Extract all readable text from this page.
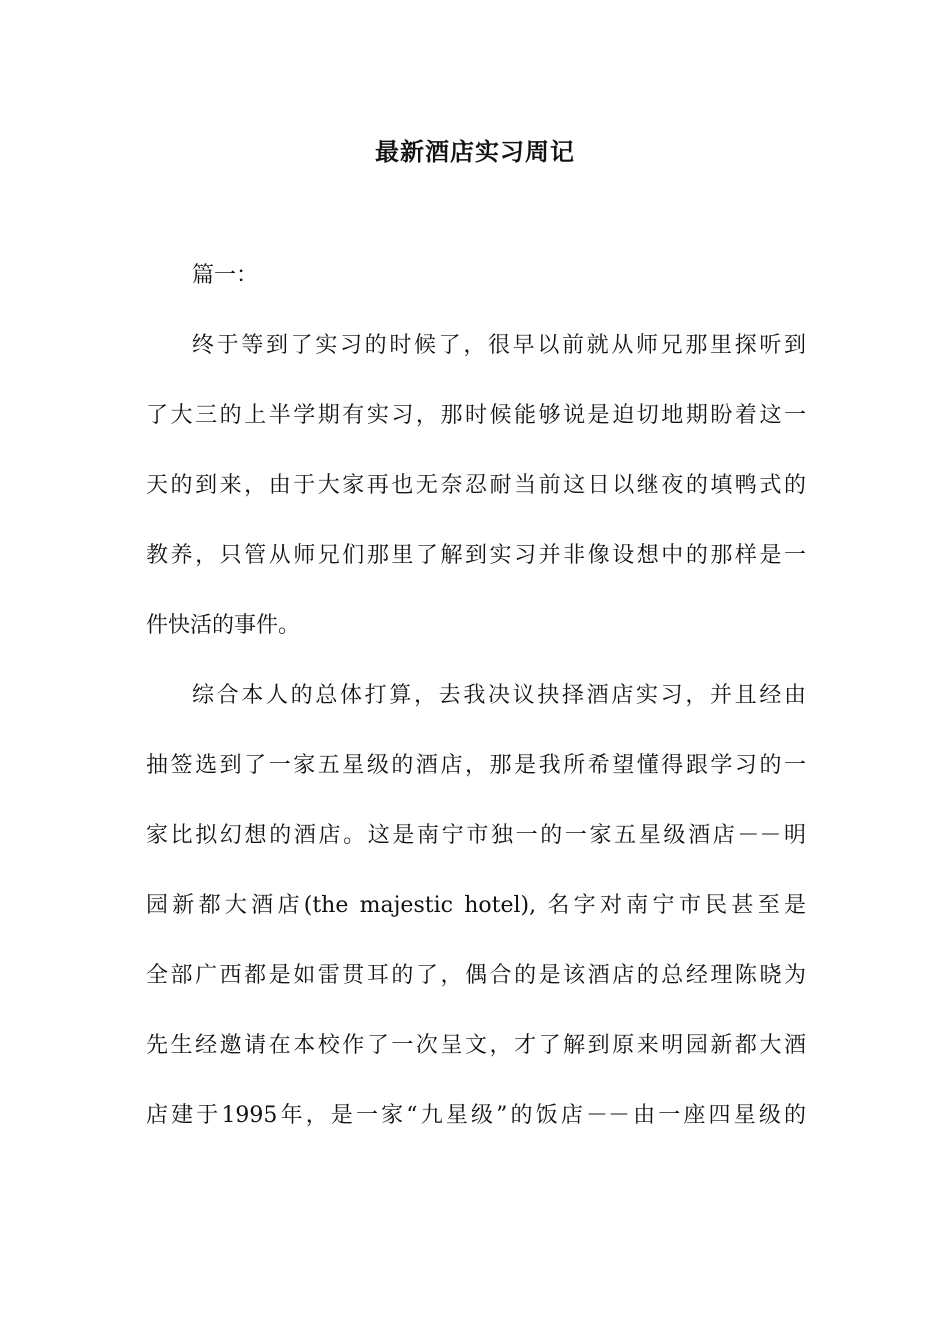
最新酒店实习周记
篇一：
终于等到了实习的时候了，很早以前就从师兄那里探听到
了大三的上半学期有实习，那时候能够说是迫切地期盼着这一
天的到来，由于大家再也无奈忍耐当前这日以继夜的填鸭式的
教养，只管从师兄们那里了解到实习并非像设想中的那样是一
件快活的事件。
综合本人的总体打算，去我决议抉择酒店实习，并且经由
抽签选到了一家五星级的酒店，那是我所希望懂得跟学习的一
家比拟幻想的酒店。这是南宁市独一的一家五星级酒店－－明
园新都大酒店(the majestic hotel), 名字对南宁市民甚至是
全部广西都是如雷贯耳的了，偶合的是该酒店的总经理陈晓为
先生经邀请在本校作了一次呈文，才了解到原来明园新都大酒
店建于1995年，是一家“九星级”的饭店－－由一座四星级的
